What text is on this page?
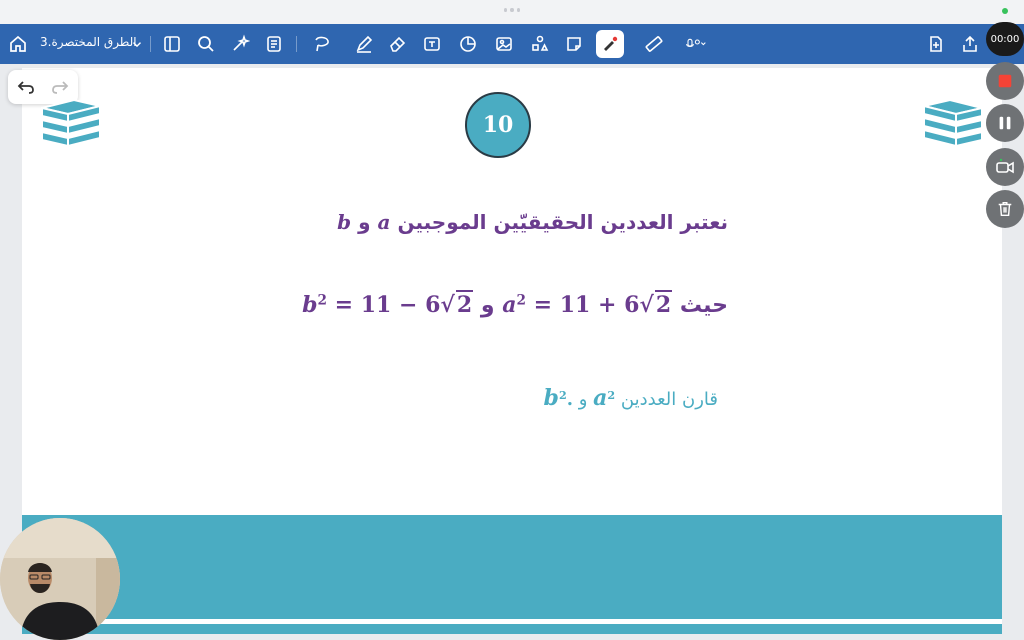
الطرق المختصرة.3	00:00
10
نعتبر العددين الحقيقيّين الموجبين a و b
حيث $a^2 = 11 + 6√2$ و $b^2 = 11 - 6√2$
قارن العددين $a^2$ و $b^2$.
